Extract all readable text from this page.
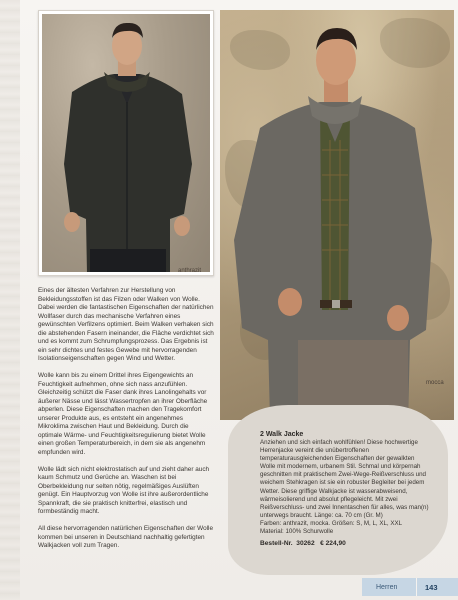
anthrazit
mocca

Eines der ältesten Verfahren zur Herstellung von Bekleidungsstoffen ist das Filzen oder Walken von Wolle. Dabei werden die fantastischen Eigenschaften der natürlichen Wollfaser durch das mechanische Verfahren eines gewünschten Verfilzens optimiert. Beim Walken verhaken sich die abstehenden Fasern ineinander, die Fläche verdichtet sich und es kommt zum Schrumpfungsprozess. Das Ergebnis ist ein sehr dichtes und festes Gewebe mit hervorragenden Isolationseigenschaften gegen Wind und Wetter.

Wolle kann bis zu einem Drittel ihres Eigengewichts an Feuchtigkeit aufnehmen, ohne sich nass anzufühlen. Gleichzeitig schützt die Faser dank ihres Lanolingehalts vor äußerer Nässe und lässt Wassertropfen an ihrer Oberfläche abperlen. Diese Eigenschaften machen den Tragekomfort unserer Produkte aus, es entsteht ein angenehmes Mikroklima zwischen Haut und Bekleidung. Durch die optimale Wärme- und Feuchtigkeitsregulierung bietet Wolle einen großen Temperaturbereich, in dem sie als angenehm empfunden wird.

Wolle lädt sich nicht elektrostatisch auf und zieht daher auch kaum Schmutz und Gerüche an. Waschen ist bei Oberbekleidung nur selten nötig, regelmäßiges Auslüften genügt. Ein Hauptvorzug von Wolle ist ihre außerordentliche Spannkraft, die sie praktisch knitterfrei, elastisch und formbeständig macht.

All diese hervorragenden natürlichen Eigenschaften der Wolle kommen bei unseren in Deutschland nachhaltig gefertigten Walkjacken voll zum Tragen.

2 Walk Jacke
Anziehen und sich einfach wohlfühlen! Diese hochwertige Herrenjacke vereint die unübertroffenen temperaturausgleichenden Eigenschaften der gewalkten Wolle mit modernem, urbanem Stil. Schmal und körpernah geschnitten mit praktischem Zwei-Wege-Reißverschluss und weichem Stehkragen ist sie ein robuster Begleiter bei jedem Wetter. Diese griffige Walkjacke ist wasserabweisend, wärmeisolierend und absolut pflegeleicht. Mit zwei Reißverschluss- und zwei Innentaschen für alles, was man(n) unterwegs braucht. Länge: ca. 70 cm (Gr. M)
Farben: anthrazit, mocka. Größen: S, M, L, XL, XXL
Material: 100% Schurwolle
Bestell-Nr. 30262 € 224,90
Herren	143
